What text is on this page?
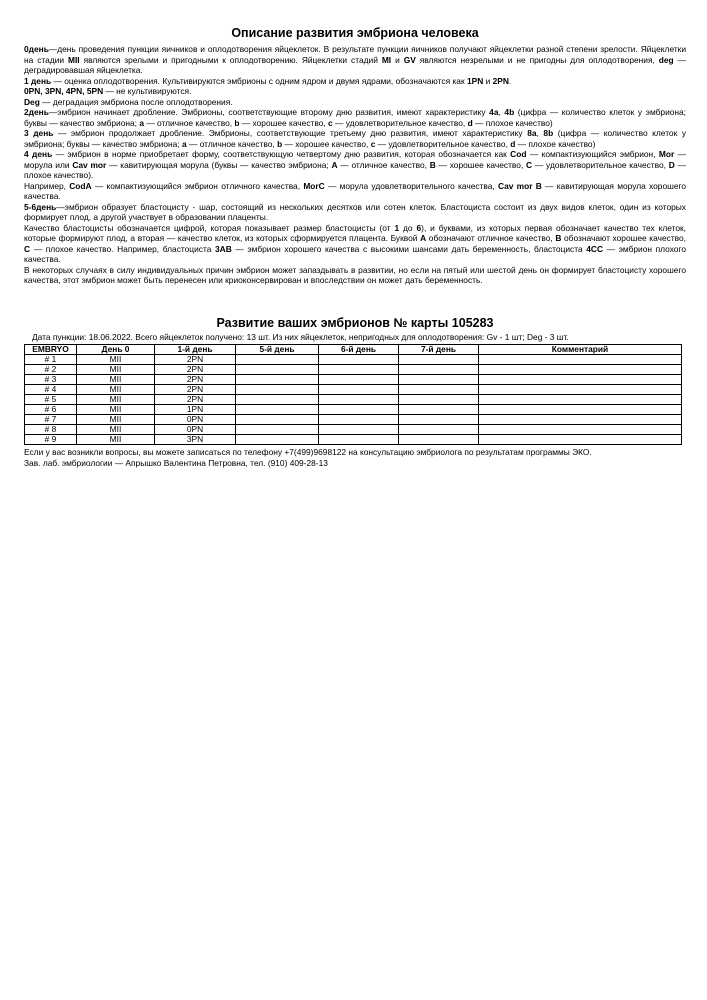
Описание развития эмбриона человека

0день—день проведения пункции яичников и оплодотворения яйцеклеток. В результате пункции яичников получают яйцеклетки разной степени зрелости. Яйцеклетки на стадии MII являются зрелыми и пригодными к оплодотворению. Яйцеклетки стадий MI и GV являются незрелыми и не пригодны для оплодотворения, deg — деградировавшая яйцеклетка.

1 день — оценка оплодотворения. Культивируются эмбрионы с одним ядром и двумя ядрами, обозначаются как 1PN и 2PN.

0PN, 3PN, 4PN, 5PN — не культивируются.

Deg — деградация эмбриона после оплодотворения.

2день—эмбрион начинает дробление. Эмбрионы, соответствующие второму дню развития, имеют характеристику 4a, 4b (цифра — количество клеток у эмбриона; буквы — качество эмбриона; a — отличное качество, b — хорошее качество, c — удовлетворительное качество, d — плохое качество)

3 день — эмбрион продолжает дробление. Эмбрионы, соответствующие третьему дню развития, имеют характеристику 8a, 8b (цифра — количество клеток у эмбриона; буквы — качество эмбриона; a — отличное качество, b — хорошее качество, c — удовлетворительное качество, d — плохое качество)

4 день — эмбрион в норме приобретает форму, соответствующую четвертому дню развития, которая обозначается как Cod — компактизующийся эмбрион, Mor — морула или Cav mor — кавитирующая морула (буквы — качество эмбриона; A — отличное качество, B — хорошее качество, C — удовлетворительное качество, D — плохое качество).

Например, CodA — компактизующийся эмбрион отличного качества, MorC — морула удовлетворительного качества, Cav mor B — кавитирующая морула хорошего качества.

5-6день—эмбрион образует бластоцисту - шар, состоящий из нескольких десятков или сотен клеток. Бластоциста состоит из двух видов клеток, один из которых формирует плод, а другой участвует в образовании плаценты.

Качество бластоцисты обозначается цифрой, которая показывает размер бластоцисты (от 1 до 6), и буквами, из которых первая обозначает качество тех клеток, которые формируют плод, а вторая — качество клеток, из которых сформируется плацента. Буквой A обозначают отличное качество, B обозначают хорошее качество, C — плохое качество. Например, бластоциста 3AB — эмбрион хорошего качества с высокими шансами дать беременность, бластоциста 4CC — эмбрион плохого качества.

В некоторых случаях в силу индивидуальных причин эмбрион может запаздывать в развитии, но если на пятый или шестой день он формирует бластоцисту хорошего качества, этот эмбрион может быть перенесен или криоконсервирован и впоследствии он может дать беременность.

Развитие ваших эмбрионов № карты 105283
Дата пункции: 18.06.2022. Всего яйцеклеток получено: 13 шт. Из них яйцеклеток, непригодных для оплодотворения: Gv - 1 шт; Deg - 3 шт.
EMBRYO	День 0	1-й день	5-й день	6-й день	7-й день	Комментарий
# 1	MII	2PN				
# 2	MII	2PN				
# 3	MII	2PN				
# 4	MII	2PN				
# 5	MII	2PN				
# 6	MII	1PN				
# 7	MII	0PN				
# 8	MII	0PN				
# 9	MII	3PN				
Если у вас возникли вопросы, вы можете записаться по телефону +7(499)9698122 на консультацию эмбриолога по результатам программы ЭКО.
Зав. лаб. эмбриологии — Апрышко Валентина Петровна, тел. (910) 409-28-13
